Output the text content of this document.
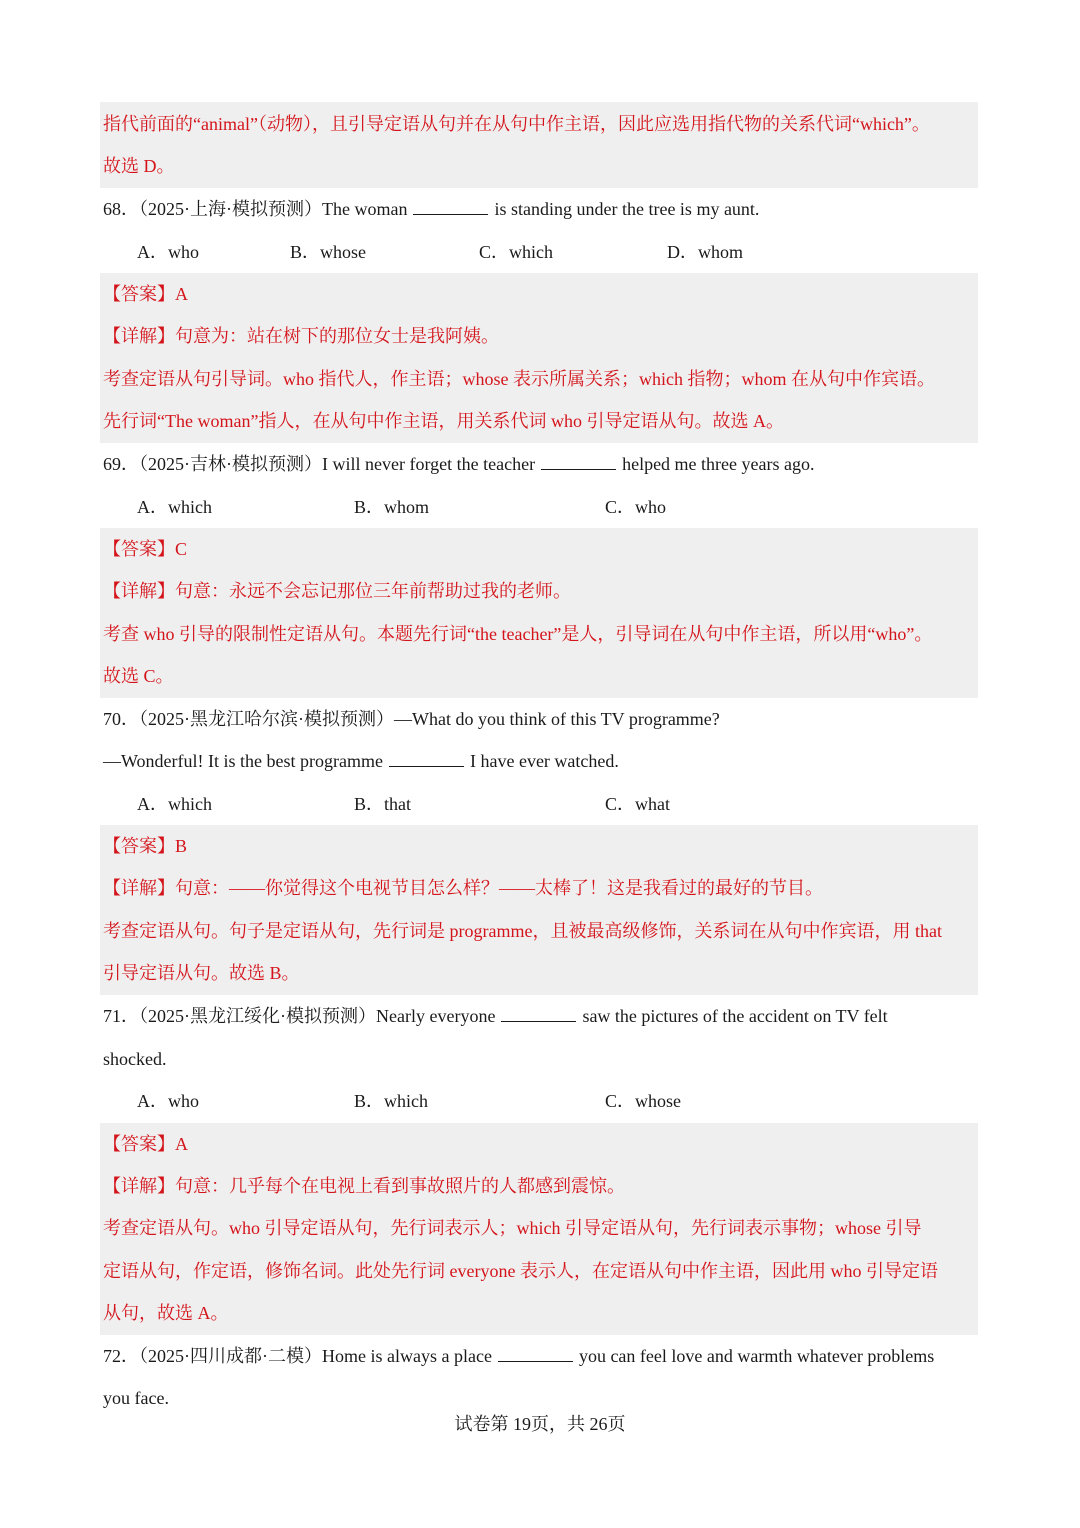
指代前面的“animal”（动物），且引导定语从句并在从句中作主语，因此应选用指代物的关系代词“which”。
故选 D。
68．（2025·上海·模拟预测）The woman	is standing under the tree is my aunt.
A．who	B．whose	C．which	D．whom
【答案】A
【详解】句意为：站在树下的那位女士是我阿姨。
考查定语从句引导词。who 指代人，作主语；whose 表示所属关系；which 指物；whom 在从句中作宾语。
先行词“The woman”指人，在从句中作主语，用关系代词 who 引导定语从句。故选 A。
69．（2025·吉林·模拟预测）I will never forget the teacher	helped me three years ago.
A．which	B．whom	C．who
【答案】C
【详解】句意：永远不会忘记那位三年前帮助过我的老师。
考查 who 引导的限制性定语从句。本题先行词“the teacher”是人，引导词在从句中作主语，所以用“who”。
故选 C。
70．（2025·黑龙江哈尔滨·模拟预测）—What do you think of this TV programme?
—Wonderful! It is the best programme	I have ever watched.
A．which	B．that	C．what
【答案】B
【详解】句意：——你觉得这个电视节目怎么样？——太棒了！这是我看过的最好的节目。
考查定语从句。句子是定语从句，先行词是 programme，且被最高级修饰，关系词在从句中作宾语，用 that
引导定语从句。故选 B。
71．（2025·黑龙江绥化·模拟预测）Nearly everyone	saw the pictures of the accident on TV felt
shocked.
A．who	B．which	C．whose
【答案】A
【详解】句意：几乎每个在电视上看到事故照片的人都感到震惊。
考查定语从句。who 引导定语从句，先行词表示人；which 引导定语从句，先行词表示事物；whose 引导
定语从句，作定语，修饰名词。此处先行词 everyone 表示人，在定语从句中作主语，因此用 who 引导定语
从句，故选 A。
72．（2025·四川成都·二模）Home is always a place	you can feel love and warmth whatever problems
you face.
试卷第 19页，共 26页
